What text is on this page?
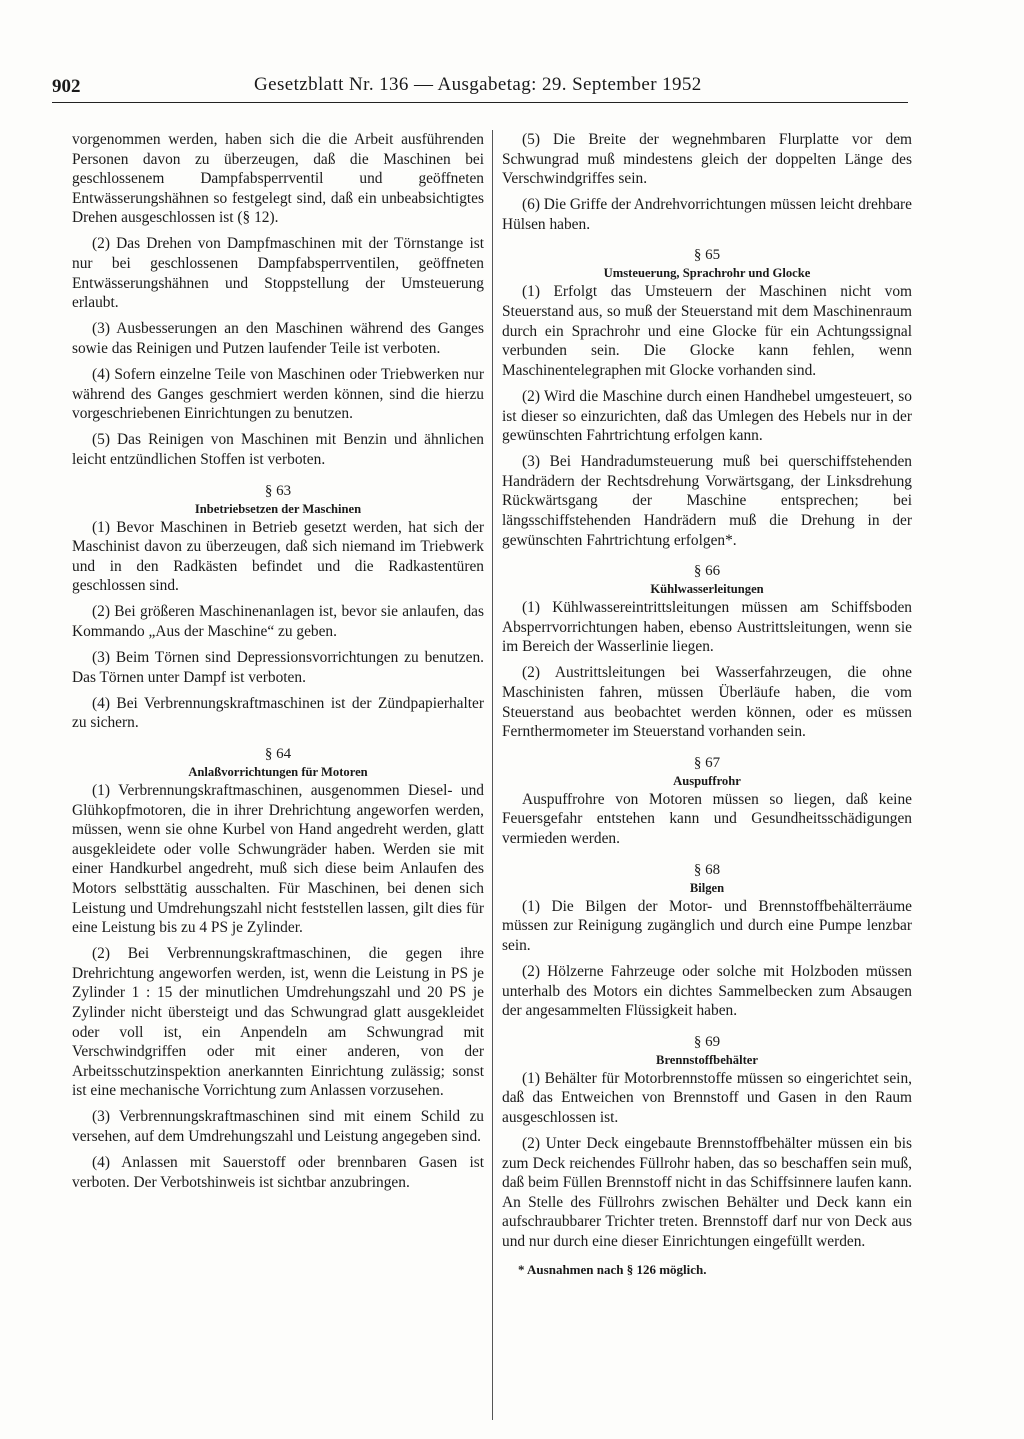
902	Gesetzblatt Nr. 136 — Ausgabetag: 29. September 1952

vorgenommen werden, haben sich die die Arbeit ausführenden Personen davon zu überzeugen, daß die Maschinen bei geschlossenem Dampfabsperrventil und geöffneten Entwässerungshähnen so festgelegt sind, daß ein unbeabsichtigtes Drehen ausgeschlossen ist (§ 12).

(2) Das Drehen von Dampfmaschinen mit der Törnstange ist nur bei geschlossenen Dampfabsperrventilen, geöffneten Entwässerungshähnen und Stoppstellung der Umsteuerung erlaubt.

(3) Ausbesserungen an den Maschinen während des Ganges sowie das Reinigen und Putzen laufender Teile ist verboten.

(4) Sofern einzelne Teile von Maschinen oder Triebwerken nur während des Ganges geschmiert werden können, sind die hierzu vorgeschriebenen Einrichtungen zu benutzen.

(5) Das Reinigen von Maschinen mit Benzin und ähnlichen leicht entzündlichen Stoffen ist verboten.

§ 63
Inbetriebsetzen der Maschinen

(1) Bevor Maschinen in Betrieb gesetzt werden, hat sich der Maschinist davon zu überzeugen, daß sich niemand im Triebwerk und in den Radkästen befindet und die Radkastentüren geschlossen sind.

(2) Bei größeren Maschinenanlagen ist, bevor sie anlaufen, das Kommando „Aus der Maschine“ zu geben.

(3) Beim Törnen sind Depressionsvorrichtungen zu benutzen. Das Törnen unter Dampf ist verboten.

(4) Bei Verbrennungskraftmaschinen ist der Zündpapierhalter zu sichern.

§ 64
Anlaßvorrichtungen für Motoren

(1) Verbrennungskraftmaschinen, ausgenommen Diesel- und Glühkopfmotoren, die in ihrer Drehrichtung angeworfen werden, müssen, wenn sie ohne Kurbel von Hand angedreht werden, glatt ausgekleidete oder volle Schwungräder haben. Werden sie mit einer Handkurbel angedreht, muß sich diese beim Anlaufen des Motors selbsttätig ausschalten. Für Maschinen, bei denen sich Leistung und Umdrehungszahl nicht feststellen lassen, gilt dies für eine Leistung bis zu 4 PS je Zylinder.

(2) Bei Verbrennungskraftmaschinen, die gegen ihre Drehrichtung angeworfen werden, ist, wenn die Leistung in PS je Zylinder 1 : 15 der minutlichen Umdrehungszahl und 20 PS je Zylinder nicht übersteigt und das Schwungrad glatt ausgekleidet oder voll ist, ein Anpendeln am Schwungrad mit Verschwindgriffen oder mit einer anderen, von der Arbeitsschutzinspektion anerkannten Einrichtung zulässig; sonst ist eine mechanische Vorrichtung zum Anlassen vorzusehen.

(3) Verbrennungskraftmaschinen sind mit einem Schild zu versehen, auf dem Umdrehungszahl und Leistung angegeben sind.

(4) Anlassen mit Sauerstoff oder brennbaren Gasen ist verboten. Der Verbotshinweis ist sichtbar anzubringen.

(5) Die Breite der wegnehmbaren Flurplatte vor dem Schwungrad muß mindestens gleich der doppelten Länge des Verschwindgriffes sein.

(6) Die Griffe der Andrehvorrichtungen müssen leicht drehbare Hülsen haben.

§ 65
Umsteuerung, Sprachrohr und Glocke

(1) Erfolgt das Umsteuern der Maschinen nicht vom Steuerstand aus, so muß der Steuerstand mit dem Maschinenraum durch ein Sprachrohr und eine Glocke für ein Achtungssignal verbunden sein. Die Glocke kann fehlen, wenn Maschinentelegraphen mit Glocke vorhanden sind.

(2) Wird die Maschine durch einen Handhebel umgesteuert, so ist dieser so einzurichten, daß das Umlegen des Hebels nur in der gewünschten Fahrtrichtung erfolgen kann.

(3) Bei Handradumsteuerung muß bei querschiffstehenden Handrädern der Rechtsdrehung Vorwärtsgang, der Linksdrehung Rückwärtsgang der Maschine entsprechen; bei längsschiffstehenden Handrädern muß die Drehung in der gewünschten Fahrtrichtung erfolgen*.

§ 66
Kühlwasserleitungen

(1) Kühlwassereintrittsleitungen müssen am Schiffsboden Absperrvorrichtungen haben, ebenso Austrittsleitungen, wenn sie im Bereich der Wasserlinie liegen.

(2) Austrittsleitungen bei Wasserfahrzeugen, die ohne Maschinisten fahren, müssen Überläufe haben, die vom Steuerstand aus beobachtet werden können, oder es müssen Fernthermometer im Steuerstand vorhanden sein.

§ 67
Auspuffrohr

Auspuffrohre von Motoren müssen so liegen, daß keine Feuersgefahr entstehen kann und Gesundheitsschädigungen vermieden werden.

§ 68
Bilgen

(1) Die Bilgen der Motor- und Brennstoffbehälterräume müssen zur Reinigung zugänglich und durch eine Pumpe lenzbar sein.

(2) Hölzerne Fahrzeuge oder solche mit Holzboden müssen unterhalb des Motors ein dichtes Sammelbecken zum Absaugen der angesammelten Flüssigkeit haben.

§ 69
Brennstoffbehälter

(1) Behälter für Motorbrennstoffe müssen so eingerichtet sein, daß das Entweichen von Brennstoff und Gasen in den Raum ausgeschlossen ist.

(2) Unter Deck eingebaute Brennstoffbehälter müssen ein bis zum Deck reichendes Füllrohr haben, das so beschaffen sein muß, daß beim Füllen Brennstoff nicht in das Schiffsinnere laufen kann. An Stelle des Füllrohrs zwischen Behälter und Deck kann ein aufschraubbarer Trichter treten. Brennstoff darf nur von Deck aus und nur durch eine dieser Einrichtungen eingefüllt werden.

* Ausnahmen nach § 126 möglich.
